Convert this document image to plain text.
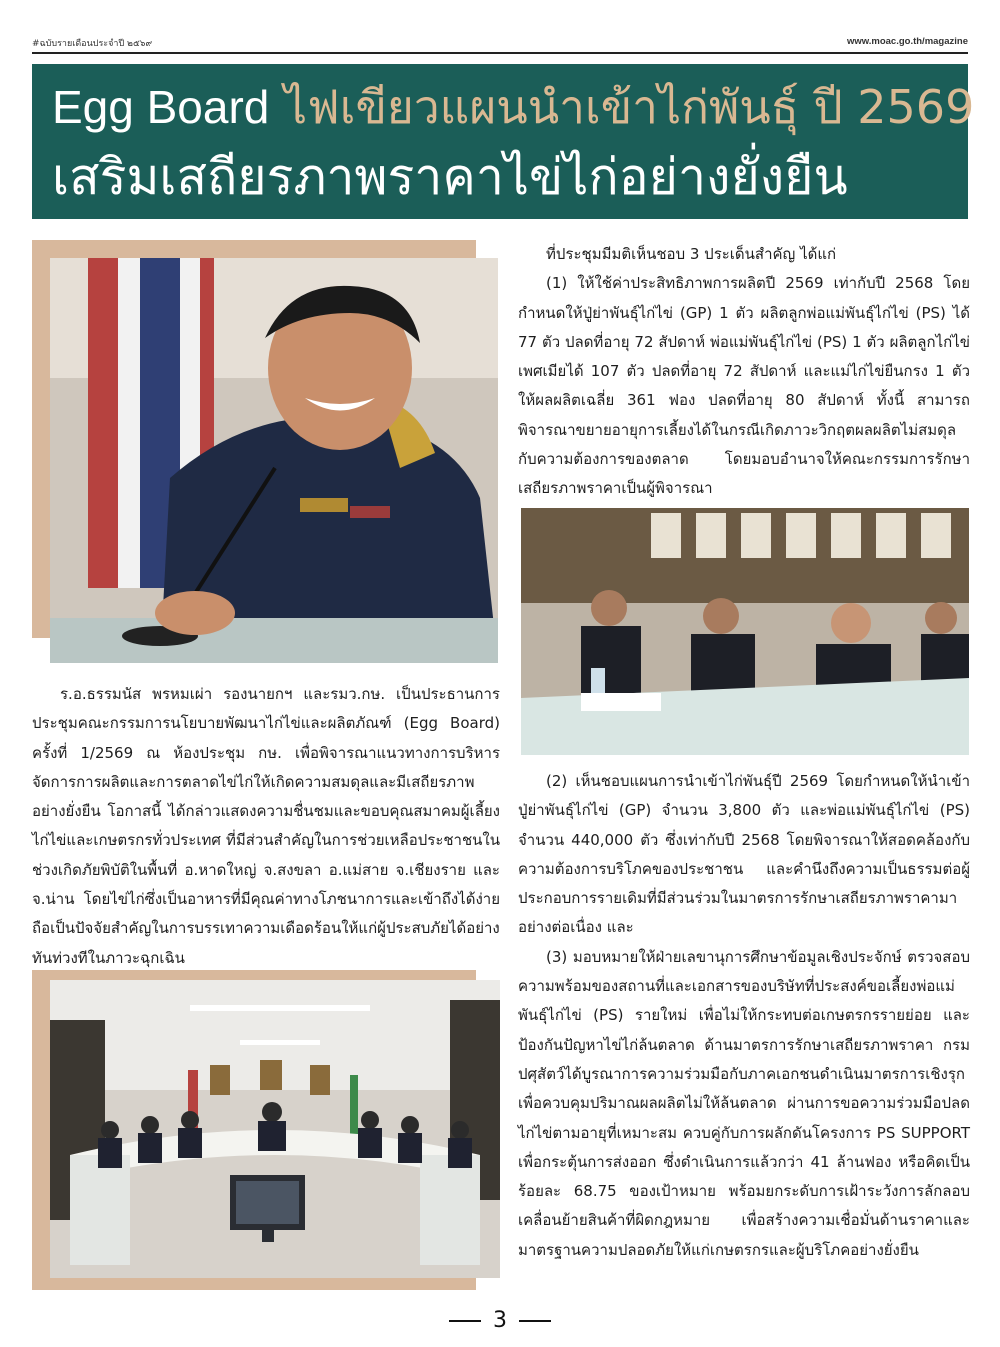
#ฉบับรายเดือนประจำปี ๒๕๖๙	www.moac.go.th/magazine
Egg Board ไฟเขียวแผนนำเข้าไก่พันธุ์ ปี 2569
เสริมเสถียรภาพราคาไข่ไก่อย่างยั่งยืน

ร.อ.ธรรมนัส พรหมเผ่า รองนายกฯ และรมว.กษ. เป็นประธานการประชุมคณะกรรมการนโยบายพัฒนาไก่ไข่และผลิตภัณฑ์ (Egg Board) ครั้งที่ 1/2569 ณ ห้องประชุม กษ. เพื่อพิจารณาแนวทางการบริหารจัดการการผลิตและการตลาดไข่ไก่ให้เกิดความสมดุลและมีเสถียรภาพอย่างยั่งยืน โอกาสนี้ ได้กล่าวแสดงความชื่นชมและขอบคุณสมาคมผู้เลี้ยงไก่ไข่และเกษตรกรทั่วประเทศ ที่มีส่วนสำคัญในการช่วยเหลือประชาชนในช่วงเกิดภัยพิบัติในพื้นที่ อ.หาดใหญ่ จ.สงขลา อ.แม่สาย จ.เชียงราย และ จ.น่าน โดยไข่ไก่ซึ่งเป็นอาหารที่มีคุณค่าทางโภชนาการและเข้าถึงได้ง่าย ถือเป็นปัจจัยสำคัญในการบรรเทาความเดือดร้อนให้แก่ผู้ประสบภัยได้อย่างทันท่วงทีในภาวะฉุกเฉิน

ที่ประชุมมีมติเห็นชอบ 3 ประเด็นสำคัญ ได้แก่

(1) ให้ใช้ค่าประสิทธิภาพการผลิตปี 2569 เท่ากับปี 2568 โดยกำหนดให้ปู่ย่าพันธุ์ไก่ไข่ (GP) 1 ตัว ผลิตลูกพ่อแม่พันธุ์ไก่ไข่ (PS) ได้ 77 ตัว ปลดที่อายุ 72 สัปดาห์ พ่อแม่พันธุ์ไก่ไข่ (PS) 1 ตัว ผลิตลูกไก่ไข่เพศเมียได้ 107 ตัว ปลดที่อายุ 72 สัปดาห์ และแม่ไก่ไข่ยืนกรง 1 ตัว ให้ผลผลิตเฉลี่ย 361 ฟอง ปลดที่อายุ 80 สัปดาห์ ทั้งนี้ สามารถพิจารณาขยายอายุการเลี้ยงได้ในกรณีเกิดภาวะวิกฤตผลผลิตไม่สมดุลกับความต้องการของตลาด โดยมอบอำนาจให้คณะกรรมการรักษาเสถียรภาพราคาเป็นผู้พิจารณา

(2) เห็นชอบแผนการนำเข้าไก่พันธุ์ปี 2569 โดยกำหนดให้นำเข้าปู่ย่าพันธุ์ไก่ไข่ (GP) จำนวน 3,800 ตัว และพ่อแม่พันธุ์ไก่ไข่ (PS) จำนวน 440,000 ตัว ซึ่งเท่ากับปี 2568 โดยพิจารณาให้สอดคล้องกับความต้องการบริโภคของประชาชน และคำนึงถึงความเป็นธรรมต่อผู้ประกอบการรายเดิมที่มีส่วนร่วมในมาตรการรักษาเสถียรภาพราคามาอย่างต่อเนื่อง และ

(3) มอบหมายให้ฝ่ายเลขานุการศึกษาข้อมูลเชิงประจักษ์ ตรวจสอบความพร้อมของสถานที่และเอกสารของบริษัทที่ประสงค์ขอเลี้ยงพ่อแม่พันธุ์ไก่ไข่ (PS) รายใหม่ เพื่อไม่ให้กระทบต่อเกษตรกรรายย่อย และป้องกันปัญหาไข่ไก่ล้นตลาด ด้านมาตรการรักษาเสถียรภาพราคา กรมปศุสัตว์ได้บูรณาการความร่วมมือกับภาคเอกชนดำเนินมาตรการเชิงรุกเพื่อควบคุมปริมาณผลผลิตไม่ให้ล้นตลาด ผ่านการขอความร่วมมือปลดไก่ไข่ตามอายุที่เหมาะสม ควบคู่กับการผลักดันโครงการ PS SUPPORT เพื่อกระตุ้นการส่งออก ซึ่งดำเนินการแล้วกว่า 41 ล้านฟอง หรือคิดเป็นร้อยละ 68.75 ของเป้าหมาย พร้อมยกระดับการเฝ้าระวังการลักลอบเคลื่อนย้ายสินค้าที่ผิดกฎหมาย เพื่อสร้างความเชื่อมั่นด้านราคาและมาตรฐานความปลอดภัยให้แก่เกษตรกรและผู้บริโภคอย่างยั่งยืน

3
